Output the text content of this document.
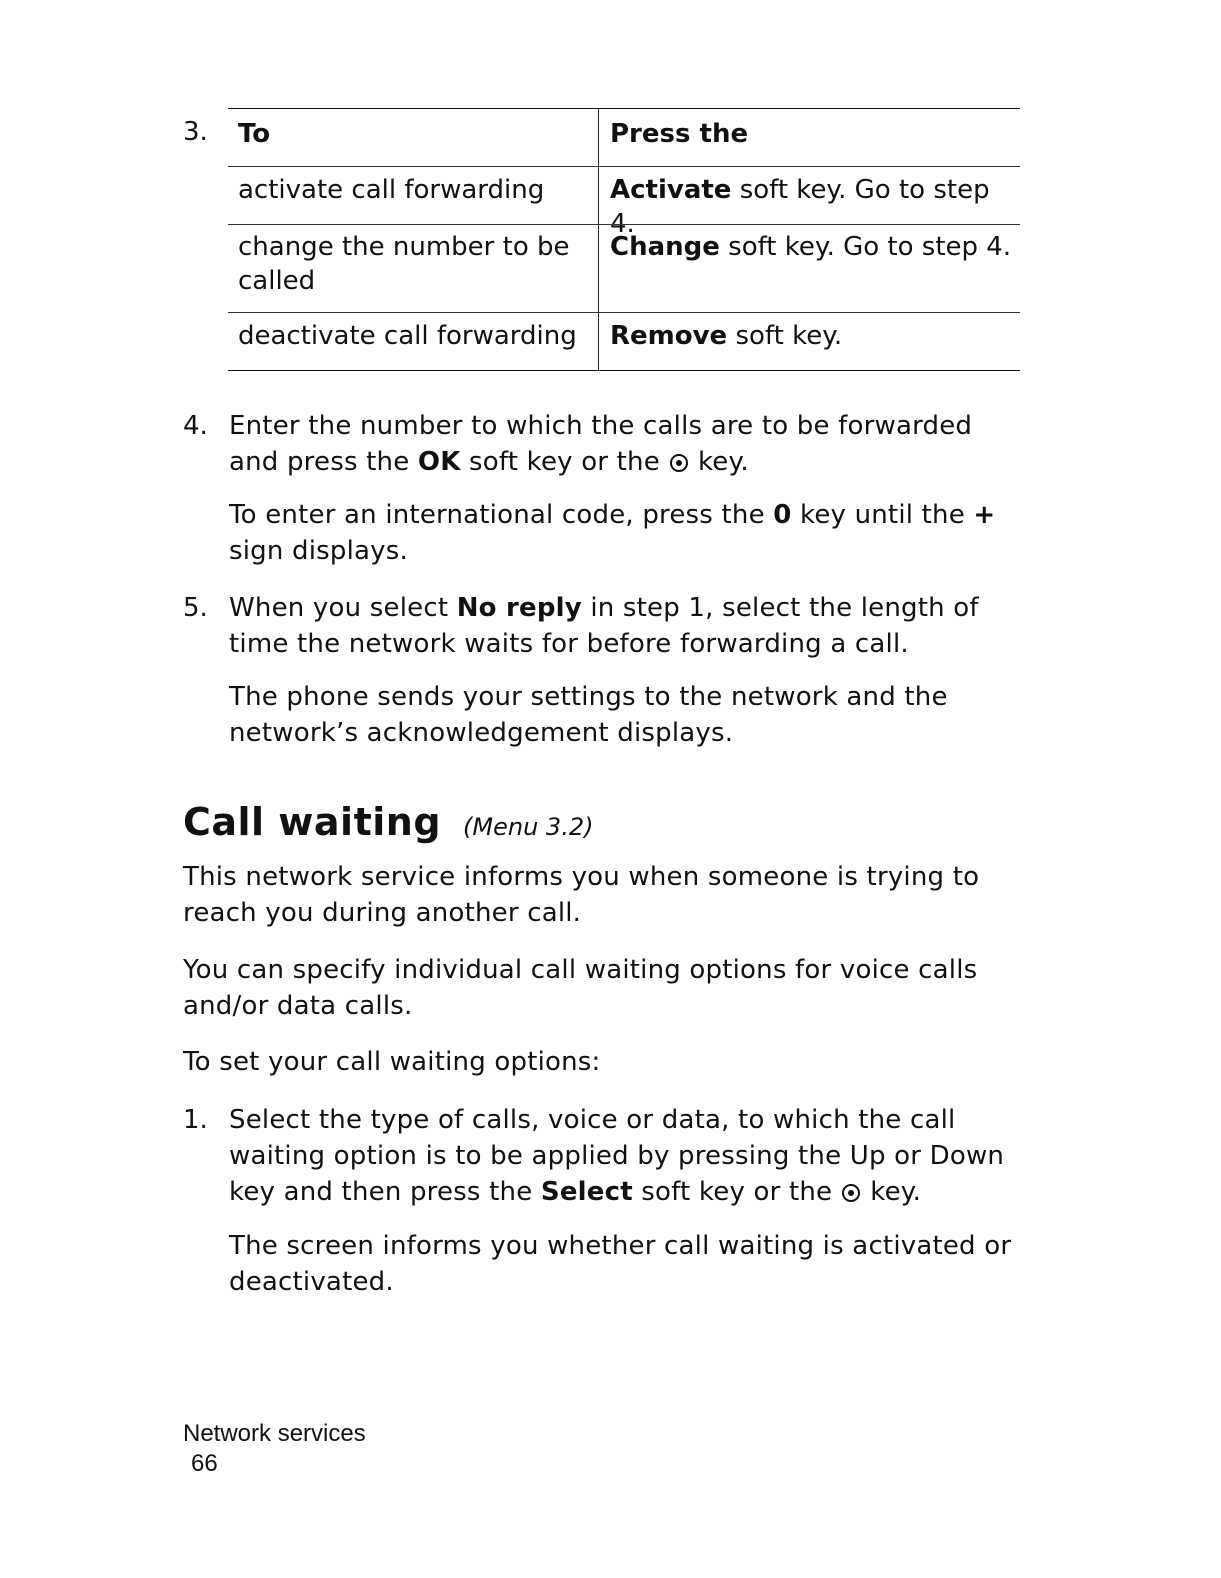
3. To	Press the
activate call forwarding	Activate soft key. Go to step 4.
change the number to be called
Change soft key. Go to step 4.
deactivate call forwarding Remove soft key.
4. Enter the number to which the calls are to be forwarded
and press the OK soft key or the key.
To enter an international code, press the 0 key until the +
sign displays.
5. When you select No reply in step 1, select the length of
time the network waits for before forwarding a call.
The phone sends your settings to the network and the
network’s acknowledgement displays.
Call waiting (Menu 3.2)
This network service informs you when someone is trying to
reach you during another call.
You can specify individual call waiting options for voice calls
and/or data calls.
To set your call waiting options:
1. Select the type of calls, voice or data, to which the call
waiting option is to be applied by pressing the Up or Down
key and then press the Select soft key or the key.
The screen informs you whether call waiting is activated or
deactivated.
Network services
66
